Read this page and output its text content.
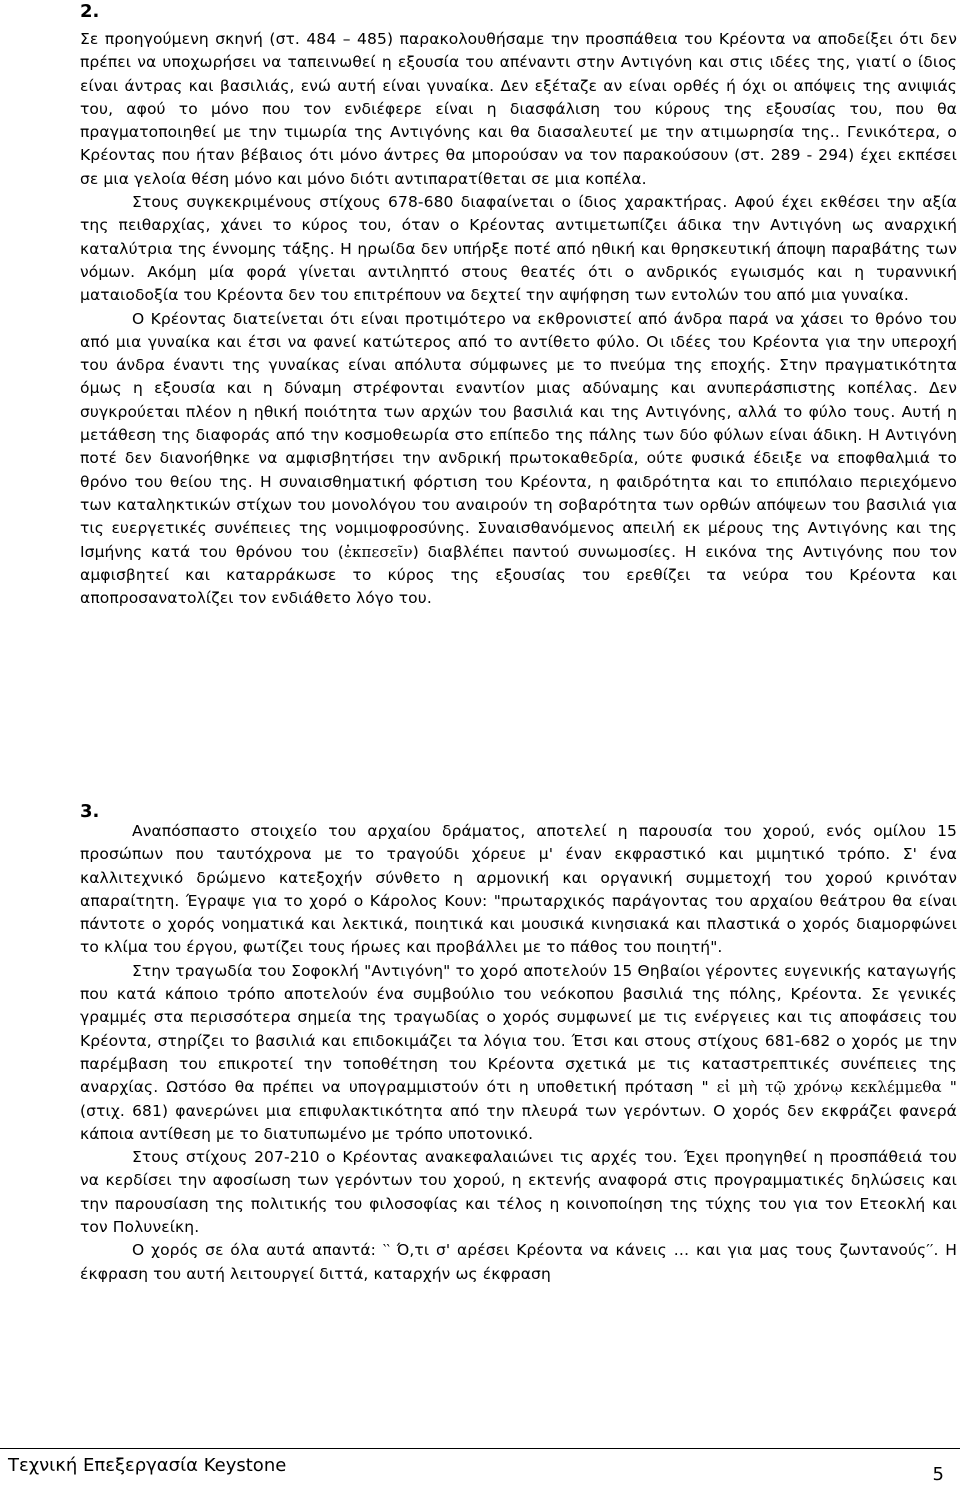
2.

Σε προηγούμενη σκηνή (στ. 484 – 485) παρακολουθήσαμε την προσπάθεια του Κρέοντα να αποδείξει ότι δεν πρέπει να υποχωρήσει να ταπεινωθεί η εξουσία του απέναντι στην Αντιγόνη και στις ιδέες της, γιατί ο ίδιος είναι άντρας και βασιλιάς, ενώ αυτή είναι γυναίκα. Δεν εξέταζε αν είναι ορθές ή όχι οι απόψεις της ανιψιάς του, αφού το μόνο που τον ενδιέφερε είναι η διασφάλιση του κύρους της εξουσίας του, που θα πραγματοποιηθεί με την τιμωρία της Αντιγόνης και θα διασαλευτεί με την ατιμωρησία της.. Γενικότερα, ο Κρέοντας που ήταν βέβαιος ότι μόνο άντρες θα μπορούσαν να τον παρακούσουν (στ. 289 - 294) έχει εκπέσει σε μια γελοία θέση μόνο και μόνο διότι αντιπαρατίθεται σε μια κοπέλα.

Στους συγκεκριμένους στίχους 678-680 διαφαίνεται ο ίδιος χαρακτήρας. Αφού έχει εκθέσει την αξία της πειθαρχίας, χάνει το κύρος του, όταν ο Κρέοντας αντιμετωπίζει άδικα την Αντιγόνη ως αναρχική καταλύτρια της έννομης τάξης. Η ηρωίδα δεν υπήρξε ποτέ από ηθική και θρησκευτική άποψη παραβάτης των νόμων. Ακόμη μία φορά γίνεται αντιληπτό στους θεατές ότι ο ανδρικός εγωισμός και η τυραννική ματαιοδοξία του Κρέοντα δεν του επιτρέπουν να δεχτεί την αψήφηση των εντολών του από μια γυναίκα.

Ο Κρέοντας διατείνεται ότι είναι προτιμότερο να εκθρονιστεί από άνδρα παρά να χάσει το θρόνο του από μια γυναίκα και έτσι να φανεί κατώτερος από το αντίθετο φύλο. Οι ιδέες του Κρέοντα για την υπεροχή του άνδρα έναντι της γυναίκας είναι απόλυτα σύμφωνες με το πνεύμα της εποχής. Στην πραγματικότητα όμως η εξουσία και η δύναμη στρέφονται εναντίον μιας αδύναμης και ανυπεράσπιστης κοπέλας. Δεν συγκρούεται πλέον η ηθική ποιότητα των αρχών του βασιλιά και της Αντιγόνης, αλλά το φύλο τους. Αυτή η μετάθεση της διαφοράς από την κοσμοθεωρία στο επίπεδο της πάλης των δύο φύλων είναι άδικη. Η Αντιγόνη ποτέ δεν διανοήθηκε να αμφισβητήσει την ανδρική πρωτοκαθεδρία, ούτε φυσικά έδειξε να εποφθαλμιά το θρόνο του θείου της. Η συναισθηματική φόρτιση του Κρέοντα, η φαιδρότητα και το επιπόλαιο περιεχόμενο των καταληκτικών στίχων του μονολόγου του αναιρούν τη σοβαρότητα των ορθών απόψεων του βασιλιά για τις ευεργετικές συνέπειες της νομιμοφροσύνης. Συναισθανόμενος απειλή εκ μέρους της Αντιγόνης και της Ισμήνης κατά του θρόνου του (ἐκπεσεῖν) διαβλέπει παντού συνωμοσίες. Η εικόνα της Αντιγόνης που τον αμφισβητεί και καταρράκωσε το κύρος της εξουσίας του ερεθίζει τα νεύρα του Κρέοντα και αποπροσανατολίζει τον ενδιάθετο λόγο του.

3.

Αναπόσπαστο στοιχείο του αρχαίου δράματος, αποτελεί η παρουσία του χορού, ενός ομίλου 15 προσώπων που ταυτόχρονα με το τραγούδι χόρευε μ' έναν εκφραστικό και μιμητικό τρόπο. Σ' ένα καλλιτεχνικό δρώμενο κατεξοχήν σύνθετο η αρμονική και οργανική συμμετοχή του χορού κρινόταν απαραίτητη. Έγραψε για το χορό ο Κάρολος Κουν: "πρωταρχικός παράγοντας του αρχαίου θεάτρου θα είναι πάντοτε ο χορός νοηματικά και λεκτικά, ποιητικά και μουσικά κινησιακά και πλαστικά ο χορός διαμορφώνει το κλίμα του έργου, φωτίζει τους ήρωες και προβάλλει με το πάθος του ποιητή".

Στην τραγωδία του Σοφοκλή "Αντιγόνη" το χορό αποτελούν 15 Θηβαίοι γέροντες ευγενικής καταγωγής που κατά κάποιο τρόπο αποτελούν ένα συμβούλιο του νεόκοπου βασιλιά της πόλης, Κρέοντα. Σε γενικές γραμμές στα περισσότερα σημεία της τραγωδίας ο χορός συμφωνεί με τις ενέργειες και τις αποφάσεις του Κρέοντα, στηρίζει το βασιλιά και επιδοκιμάζει τα λόγια του. Έτσι και στους στίχους 681-682 ο χορός με την παρέμβαση του επικροτεί την τοποθέτηση του Κρέοντα σχετικά με τις καταστρεπτικές συνέπειες της αναρχίας. Ωστόσο θα πρέπει να υπογραμμιστούν ότι η υποθετική πρόταση " εἰ μὴ τῷ χρόνῳ κεκλέμμεθα " (στιχ. 681) φανερώνει μια επιφυλακτικότητα από την πλευρά των γερόντων. Ο χορός δεν εκφράζει φανερά κάποια αντίθεση με το διατυπωμένο με τρόπο υποτονικό.

Στους στίχους 207-210 ο Κρέοντας ανακεφαλαιώνει τις αρχές του. Έχει προηγηθεί η προσπάθειά του να κερδίσει την αφοσίωση των γερόντων του χορού, η εκτενής αναφορά στις προγραμματικές δηλώσεις και την παρουσίαση της πολιτικής του φιλοσοφίας και τέλος η κοινοποίηση της τύχης του για τον Ετεοκλή και τον Πολυνείκη.

Ο χορός σε όλα αυτά απαντά: ‵‵ Ό,τι σ' αρέσει Κρέοντα να κάνεις … και για μας τους ζωντανούς′′. Η έκφραση του αυτή λειτουργεί διττά, καταρχήν ως έκφραση

Τεχνική Επεξεργασία Keystone	5
